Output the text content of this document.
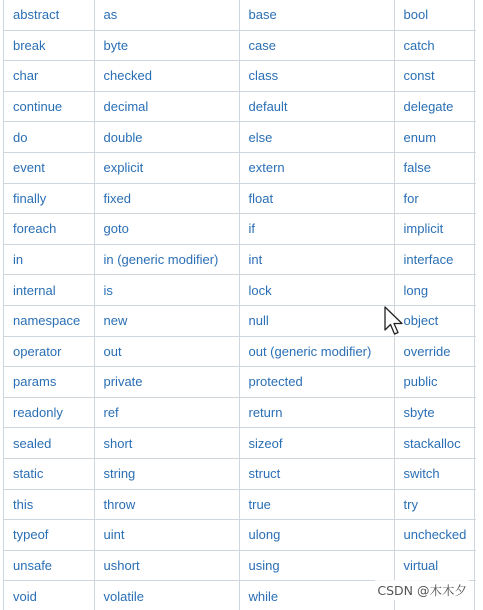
abstract	as	base	bool
break	byte	case	catch
char	checked	class	const
continue	decimal	default	delegate
do	double	else	enum
event	explicit	extern	false
finally	fixed	float	for
foreach	goto	if	implicit
in	in (generic modifier)	int	interface
internal	is	lock	long
namespace	new	null	object
operator	out	out (generic modifier)	override
params	private	protected	public
readonly	ref	return	sbyte
sealed	short	sizeof	stackalloc
static	string	struct	switch
this	throw	true	try
typeof	uint	ulong	unchecked
unsafe	ushort	using	virtual
void	volatile	while		CSDN @木木夕
